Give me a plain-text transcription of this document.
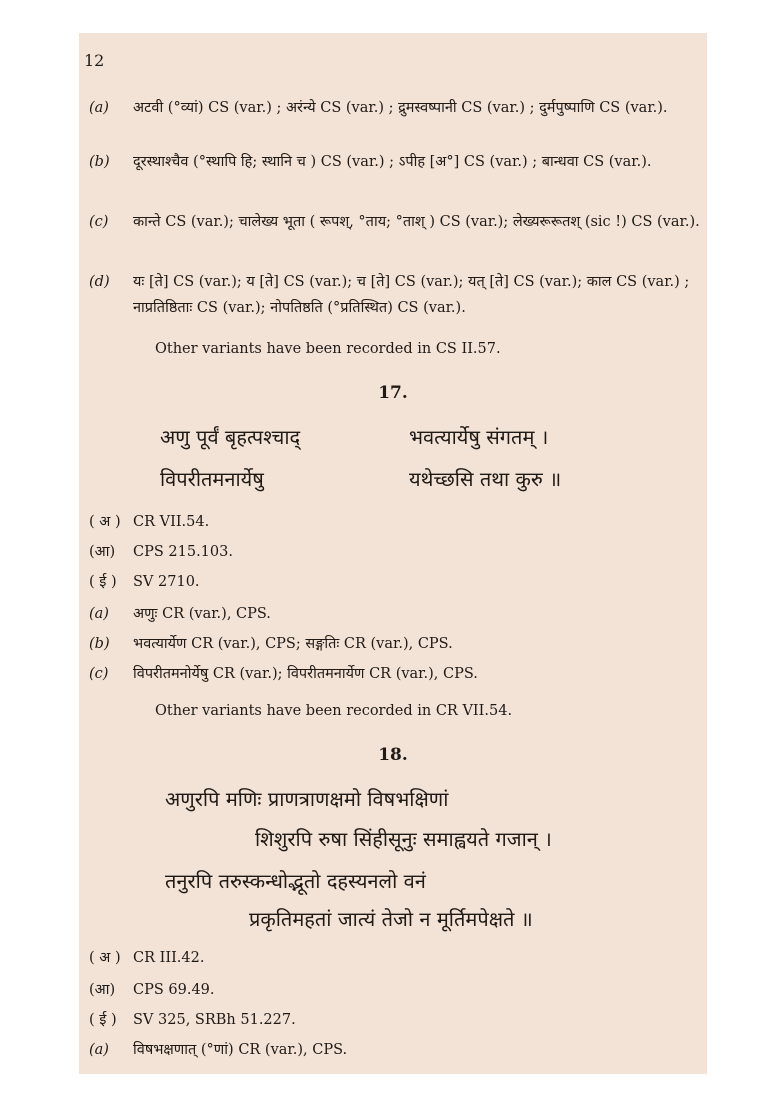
12
(a) अटवी (°व्यां) CS (var.) ; अरंन्ये CS (var.) ; द्रुमस्वष्पानी CS (var.) ; दुर्मपुष्पाणि CS (var.).
(b) दूरस्थाश्चैव (°स्थापि हि; स्थानि च ) CS (var.) ; ऽपीह [अ°] CS (var.) ; बान्धवा CS (var.).
(c) कान्ते CS (var.); चालेख्य भूता ( रूपश्, °ताय; °ताश् ) CS (var.); लेख्यरूरूतश् (sic !) CS (var.).
(d) यः [ते] CS (var.); य [ते] CS (var.); च [ते] CS (var.); यत् [ते] CS (var.); काल CS (var.) ; नाप्रतिष्ठिताः CS (var.); नोपतिष्ठति (°प्रतिस्थित) CS (var.).
Other variants have been recorded in CS II.57.
17.
अणु पूर्वं बृहत्पश्चाद्	भवत्यार्येषु संगतम् ।
विपरीतमनार्येषु	यथेच्छसि तथा कुरु ॥
( अ ) CR VII.54.
(आ) CPS 215.103.
( ई ) SV 2710.
(a) अणुः CR (var.), CPS.
(b) भवत्यार्येण CR (var.), CPS; सङ्गतिः CR (var.), CPS.
(c) विपरीतमनोर्येषु CR (var.); विपरीतमनार्येण CR (var.), CPS.
Other variants have been recorded in CR VII.54.
18.
अणुरपि मणिः प्राणत्राणक्षमो विषभक्षिणां
शिशुरपि रुषा सिंहीसूनुः समाह्वयते गजान् ।
तनुरपि तरुस्कन्धोद्भूतो दहस्यनलो वनं
प्रकृतिमहतां जात्यं तेजो न मूर्तिमपेक्षते ॥
( अ ) CR III.42.
(आ) CPS 69.49.
( ई ) SV 325, SRBh 51.227.
(a) विषभक्षणात् (°णां) CR (var.), CPS.
